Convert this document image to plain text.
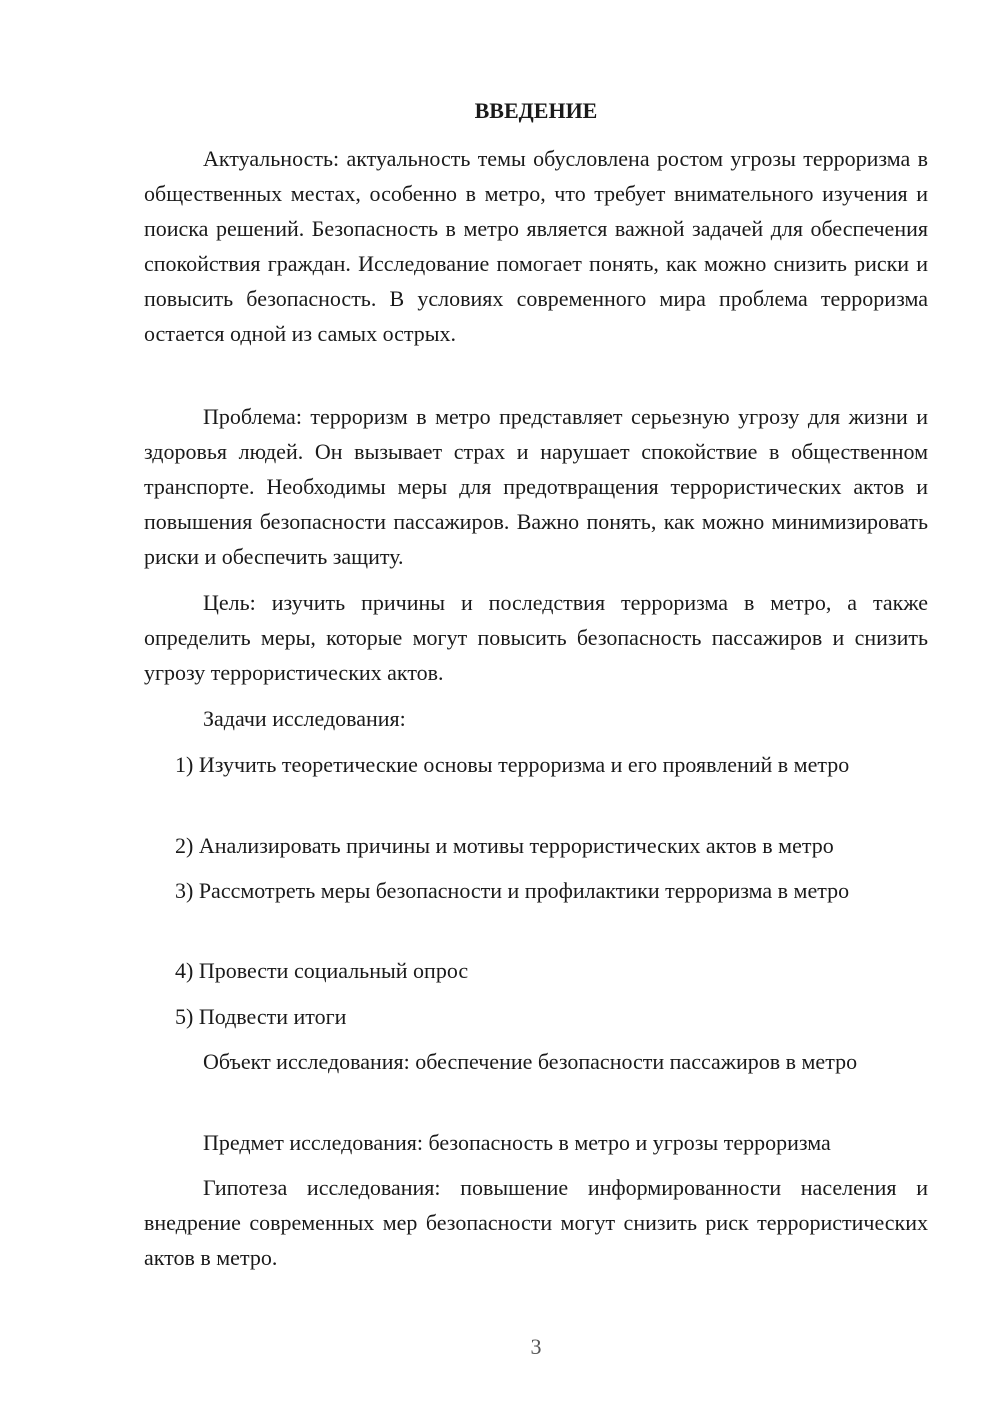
ВВЕДЕНИЕ

Актуальность: актуальность темы обусловлена ростом угрозы терроризма в общественных местах, особенно в метро, что требует внимательного изучения и поиска решений. Безопасность в метро является важной задачей для обеспечения спокойствия граждан. Исследование помогает понять, как можно снизить риски и повысить безопасность. В условиях современного мира проблема терроризма остается одной из самых острых.

Проблема: терроризм в метро представляет серьезную угрозу для жизни и здоровья людей. Он вызывает страх и нарушает спокойствие в общественном транспорте. Необходимы меры для предотвращения террористических актов и повышения безопасности пассажиров. Важно понять, как можно минимизировать риски и обеспечить защиту.

Цель: изучить причины и последствия терроризма в метро, а также определить меры, которые могут повысить безопасность пассажиров и снизить угрозу террористических актов.

Задачи исследования:

1) Изучить теоретические основы терроризма и его проявлений в метро

2) Анализировать причины и мотивы террористических актов в метро

3) Рассмотреть меры безопасности и профилактики терроризма в метро

4) Провести социальный опрос

5) Подвести итоги

Объект исследования: обеспечение безопасности пассажиров в метро

Предмет исследования: безопасность в метро и угрозы терроризма

Гипотеза исследования: повышение информированности населения и внедрение современных мер безопасности могут снизить риск террористических актов в метро.

3
